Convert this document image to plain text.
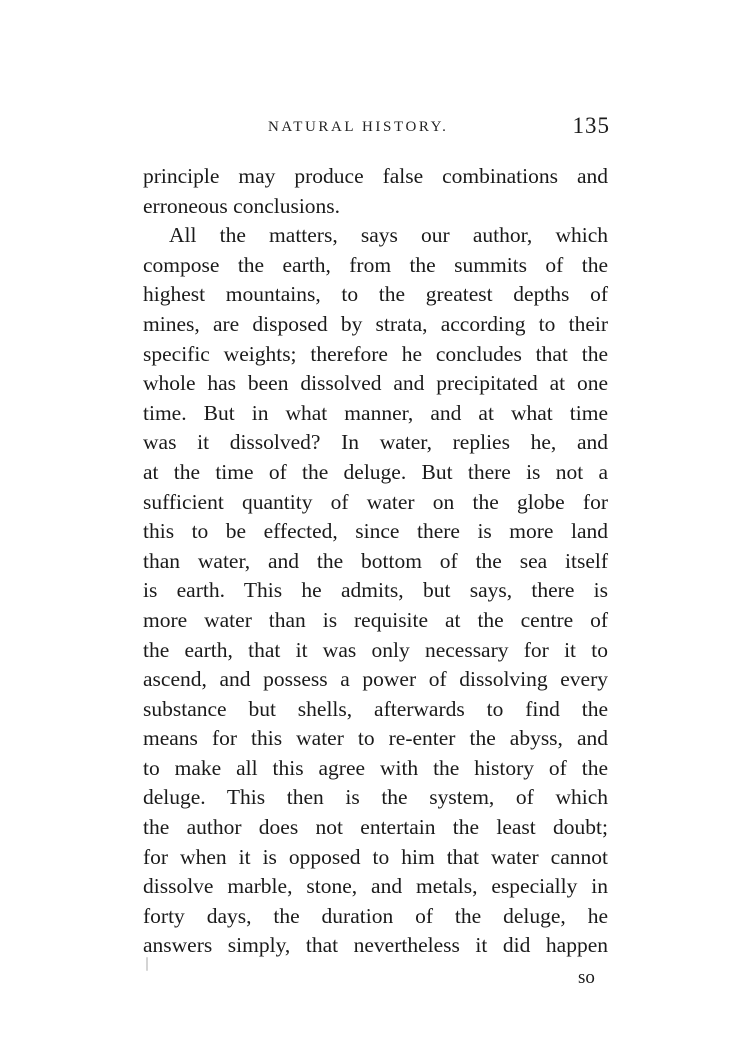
NATURAL HISTORY.	135
principle may produce false combinations and
erroneous conclusions.
All the matters, says our author, which
compose the earth, from the summits of the
highest mountains, to the greatest depths of
mines, are disposed by strata, according to their
specific weights; therefore he concludes that the
whole has been dissolved and precipitated at one
time. But in what manner, and at what time
was it dissolved? In water, replies he, and
at the time of the deluge. But there is not a
sufficient quantity of water on the globe for
this to be effected, since there is more land
than water, and the bottom of the sea itself
is earth. This he admits, but says, there is
more water than is requisite at the centre of
the earth, that it was only necessary for it to
ascend, and possess a power of dissolving every
substance but shells, afterwards to find the
means for this water to re-enter the abyss, and
to make all this agree with the history of the
deluge. This then is the system, of which
the author does not entertain the least doubt;
for when it is opposed to him that water cannot
dissolve marble, stone, and metals, especially in
forty days, the duration of the deluge, he
answers simply, that nevertheless it did happen
so
